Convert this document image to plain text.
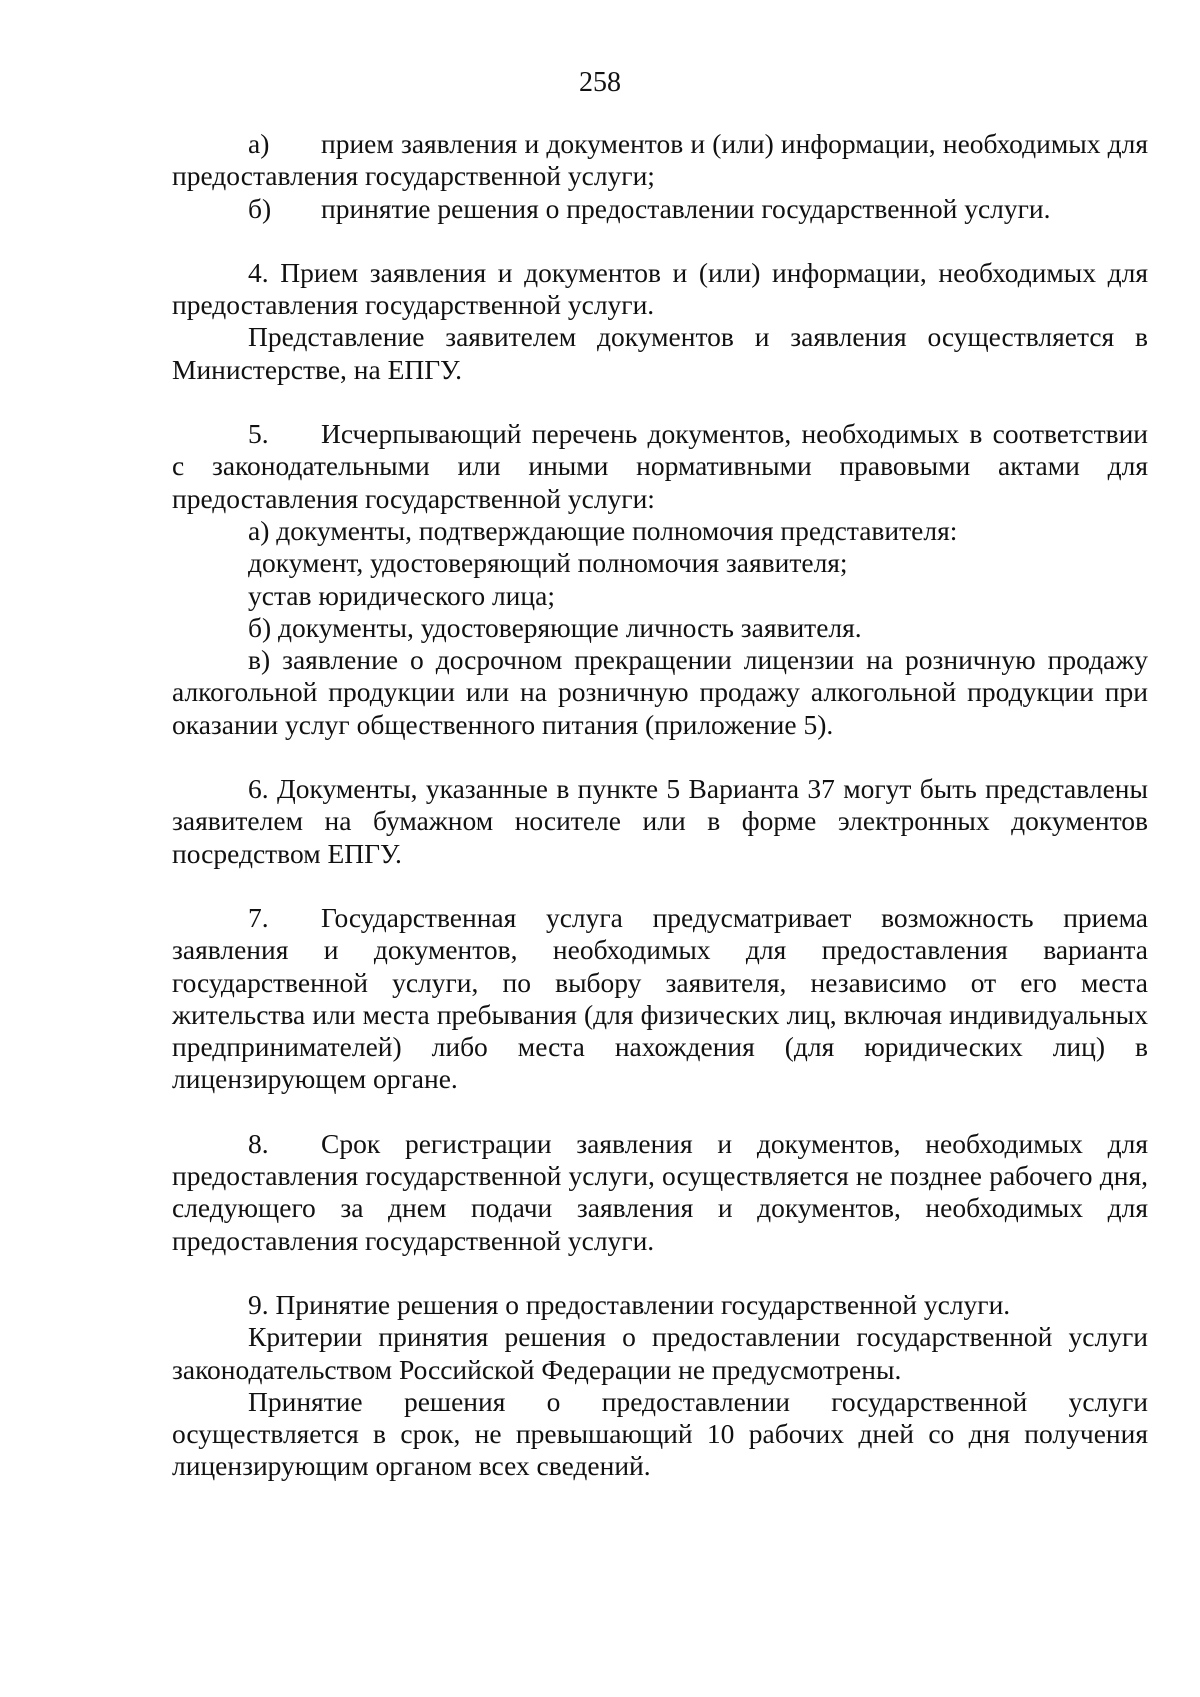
258

а) прием заявления и документов и (или) информации, необходимых для предоставления государственной услуги;

б) принятие решения о предоставлении государственной услуги.

4. Прием заявления и документов и (или) информации, необходимых для предоставления государственной услуги.

Представление заявителем документов и заявления осуществляется в Министерстве, на ЕПГУ.

5. Исчерпывающий перечень документов, необходимых в соответствии с законодательными или иными нормативными правовыми актами для предоставления государственной услуги:

а) документы, подтверждающие полномочия представителя:

документ, удостоверяющий полномочия заявителя;

устав юридического лица;

б) документы, удостоверяющие личность заявителя.

в) заявление о досрочном прекращении лицензии на розничную продажу алкогольной продукции или на розничную продажу алкогольной продукции при оказании услуг общественного питания (приложение 5).

6. Документы, указанные в пункте 5 Варианта 37 могут быть представлены заявителем на бумажном носителе или в форме электронных документов посредством ЕПГУ.

7. Государственная услуга предусматривает возможность приема заявления и документов, необходимых для предоставления варианта государственной услуги, по выбору заявителя, независимо от его места жительства или места пребывания (для физических лиц, включая индивидуальных предпринимателей) либо места нахождения (для юридических лиц) в лицензирующем органе.

8. Срок регистрации заявления и документов, необходимых для предоставления государственной услуги, осуществляется не позднее рабочего дня, следующего за днем подачи заявления и документов, необходимых для предоставления государственной услуги.

9. Принятие решения о предоставлении государственной услуги.

Критерии принятия решения о предоставлении государственной услуги законодательством Российской Федерации не предусмотрены.

Принятие решения о предоставлении государственной услуги осуществляется в срок, не превышающий 10 рабочих дней со дня получения лицензирующим органом всех сведений.
